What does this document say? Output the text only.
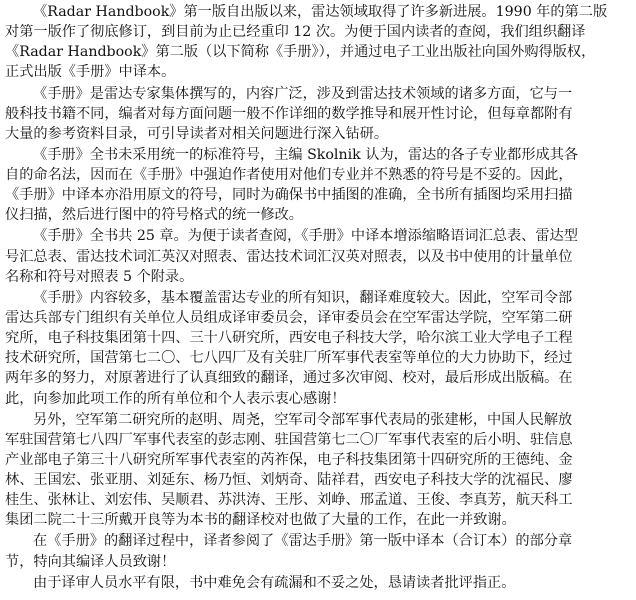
《Radar Handbook》第一版自出版以来，雷达领域取得了许多新进展。1990 年的第二版
对第一版作了彻底修订，到目前为止已经重印 12 次。为便于国内读者的查阅，我们组织翻译
《Radar Handbook》第二版（以下简称《手册》），并通过电子工业出版社向国外购得版权，
正式出版《手册》中译本。
《手册》是雷达专家集体撰写的，内容广泛，涉及到雷达技术领域的诸多方面，它与一
般科技书籍不同，编者对每方面问题一般不作详细的数学推导和展开性讨论，但每章都附有
大量的参考资料目录，可引导读者对相关问题进行深入钻研。
《手册》全书未采用统一的标准符号，主编 Skolnik 认为，雷达的各子专业都形成其各
自的命名法，因而在《手册》中强迫作者使用对他们专业并不熟悉的符号是不妥的。因此，
《手册》中译本亦沿用原文的符号，同时为确保书中插图的准确，全书所有插图均采用扫描
仪扫描，然后进行图中的符号格式的统一修改。
《手册》全书共 25 章。为便于读者查阅，《手册》中译本增添缩略语词汇总表、雷达型
号汇总表、雷达技术词汇英汉对照表、雷达技术词汇汉英对照表，以及书中使用的计量单位
名称和符号对照表 5 个附录。
《手册》内容较多，基本覆盖雷达专业的所有知识，翻译难度较大。因此，空军司令部
雷达兵部专门组织有关单位人员组成译审委员会，译审委员会在空军雷达学院，空军第二研
究所，电子科技集团第十四、三十八研究所，西安电子科技大学，哈尔滨工业大学电子工程
技术研究所，国营第七二〇、七八四厂及有关驻厂所军事代表室等单位的大力协助下，经过
两年多的努力，对原著进行了认真细致的翻译，通过多次审阅、校对，最后形成出版稿。在
此，向参加此项工作的所有单位和个人表示衷心感谢！
另外，空军第二研究所的赵明、周尧，空军司令部军事代表局的张建彬，中国人民解放
军驻国营第七八四厂军事代表室的彭志刚、驻国营第七二〇厂军事代表室的后小明、驻信息
产业部电子第三十八研究所军事代表室的芮祚保，电子科技集团第十四研究所的王德纯、金
林、王国宏、张亚朋、刘延东、杨乃恒、刘炳奇、陆祥君，西安电子科技大学的沈福民、廖
桂生、张林让、刘宏伟、吴顺君、苏洪涛、王彤、刘峥、邢孟道、王俊、李真芳，航天科工
集团二院二十三所戴开良等为本书的翻译校对也做了大量的工作，在此一并致谢。
在《手册》的翻译过程中，译者参阅了《雷达手册》第一版中译本（合订本）的部分章
节，特向其编译人员致谢！
由于译审人员水平有限，书中难免会有疏漏和不妥之处，恳请读者批评指正。
